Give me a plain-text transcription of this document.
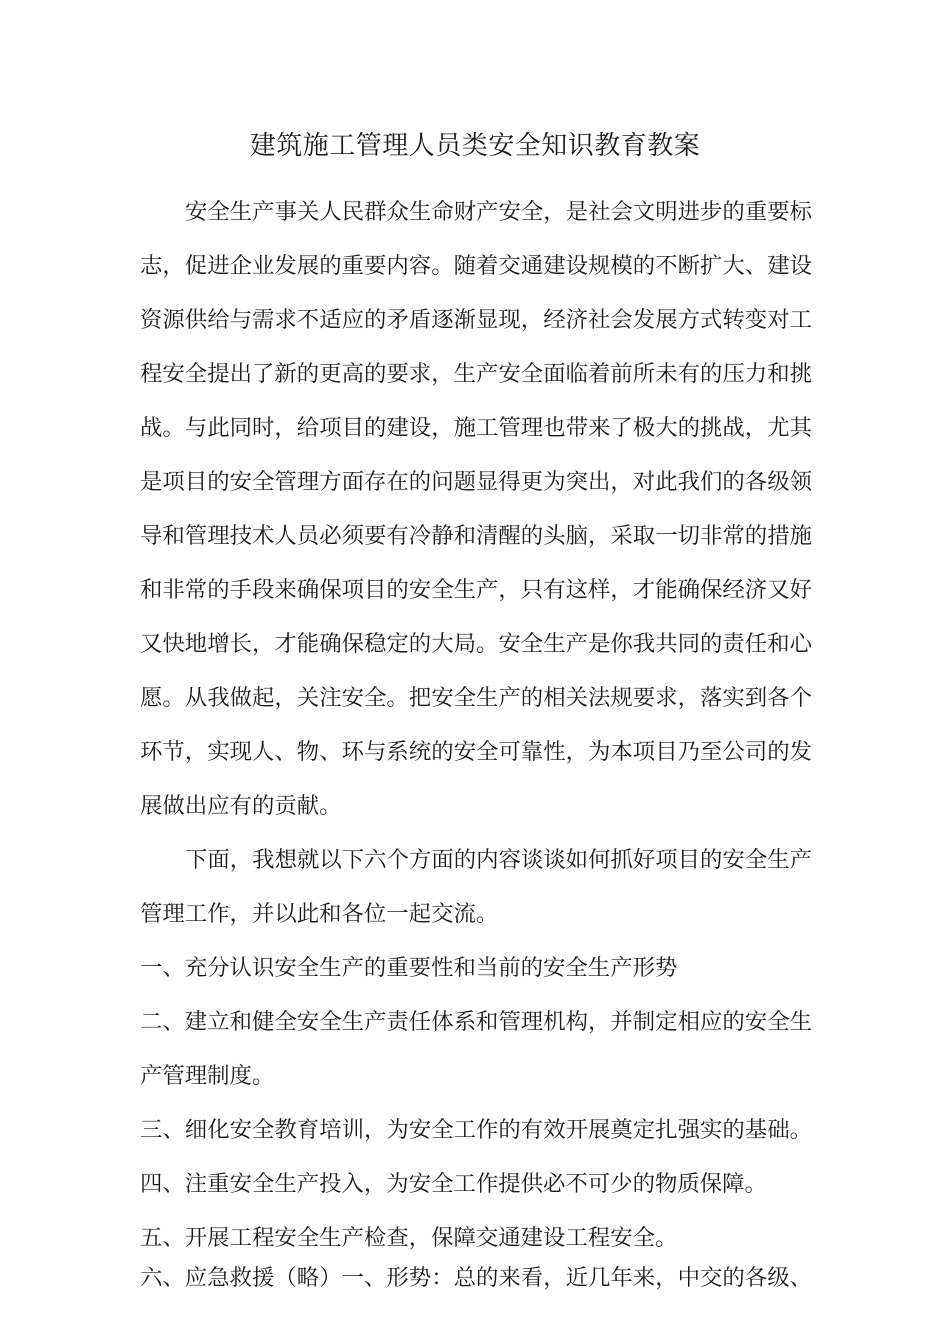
建筑施工管理人员类安全知识教育教案
安全生产事关人民群众生命财产安全，是社会文明进步的重要标
志，促进企业发展的重要内容。随着交通建设规模的不断扩大、建设
资源供给与需求不适应的矛盾逐渐显现，经济社会发展方式转变对工
程安全提出了新的更高的要求，生产安全面临着前所未有的压力和挑
战。与此同时，给项目的建设，施工管理也带来了极大的挑战，尤其
是项目的安全管理方面存在的问题显得更为突出，对此我们的各级领
导和管理技术人员必须要有冷静和清醒的头脑，采取一切非常的措施
和非常的手段来确保项目的安全生产，只有这样，才能确保经济又好
又快地增长，才能确保稳定的大局。安全生产是你我共同的责任和心
愿。从我做起，关注安全。把安全生产的相关法规要求，落实到各个
环节，实现人、物、环与系统的安全可靠性，为本项目乃至公司的发
展做出应有的贡献。
下面，我想就以下六个方面的内容谈谈如何抓好项目的安全生产
管理工作，并以此和各位一起交流。
一、充分认识安全生产的重要性和当前的安全生产形势
二、建立和健全安全生产责任体系和管理机构，并制定相应的安全生
产管理制度。
三、细化安全教育培训，为安全工作的有效开展奠定扎强实的基础。
四、注重安全生产投入，为安全工作提供必不可少的物质保障。
五、开展工程安全生产检查，保障交通建设工程安全。
六、应急救援（略）一、形势：总的来看，近几年来，中交的各级、
